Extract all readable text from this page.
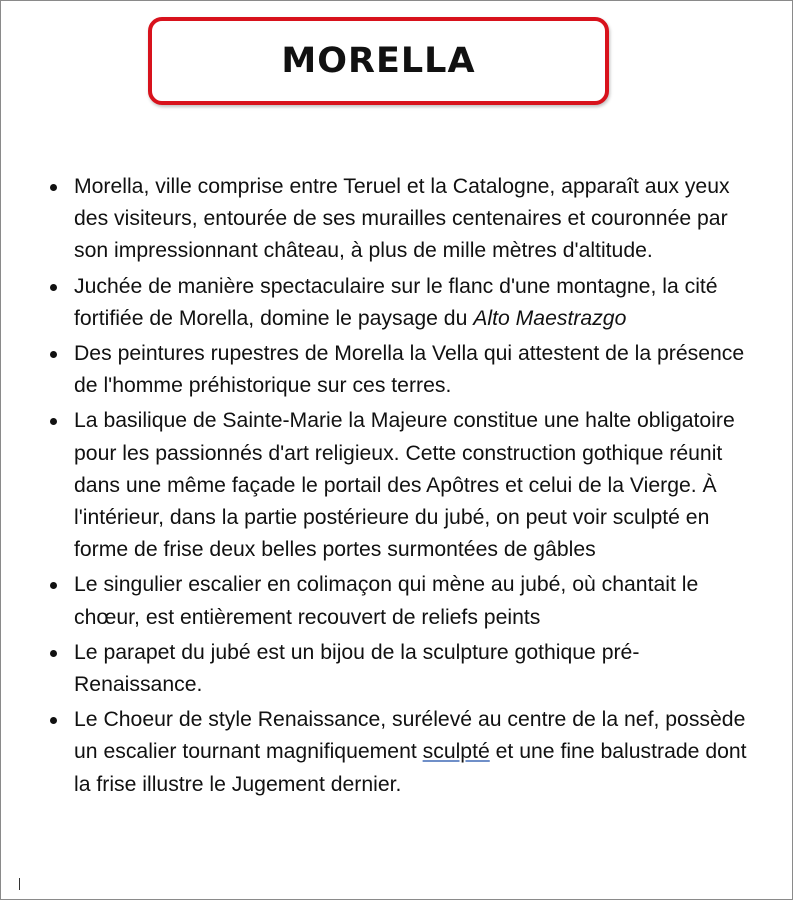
MORELLA
Morella, ville comprise entre Teruel et la Catalogne, apparaît aux yeux des visiteurs, entourée de ses murailles centenaires et couronnée par son impressionnant château, à plus de mille mètres d'altitude.
Juchée de manière spectaculaire sur le flanc d'une montagne, la cité fortifiée de Morella, domine le paysage du Alto Maestrazgo
Des peintures rupestres de Morella la Vella qui attestent de la présence de l'homme préhistorique sur ces terres.
La basilique de Sainte-Marie la Majeure constitue une halte obligatoire pour les passionnés d'art religieux. Cette construction gothique réunit dans une même façade le portail des Apôtres et celui de la Vierge. À l'intérieur, dans la partie postérieure du jubé, on peut voir sculpté en forme de frise deux belles portes surmontées de gâbles
Le singulier escalier en colimaçon qui mène au jubé, où chantait le chœur, est entièrement recouvert de reliefs peints
Le parapet du jubé est un bijou de la sculpture gothique pré-Renaissance.
Le Choeur de style Renaissance, surélevé au centre de la nef, possède un escalier tournant magnifiquement sculpté et une fine balustrade dont la frise illustre le Jugement dernier.
